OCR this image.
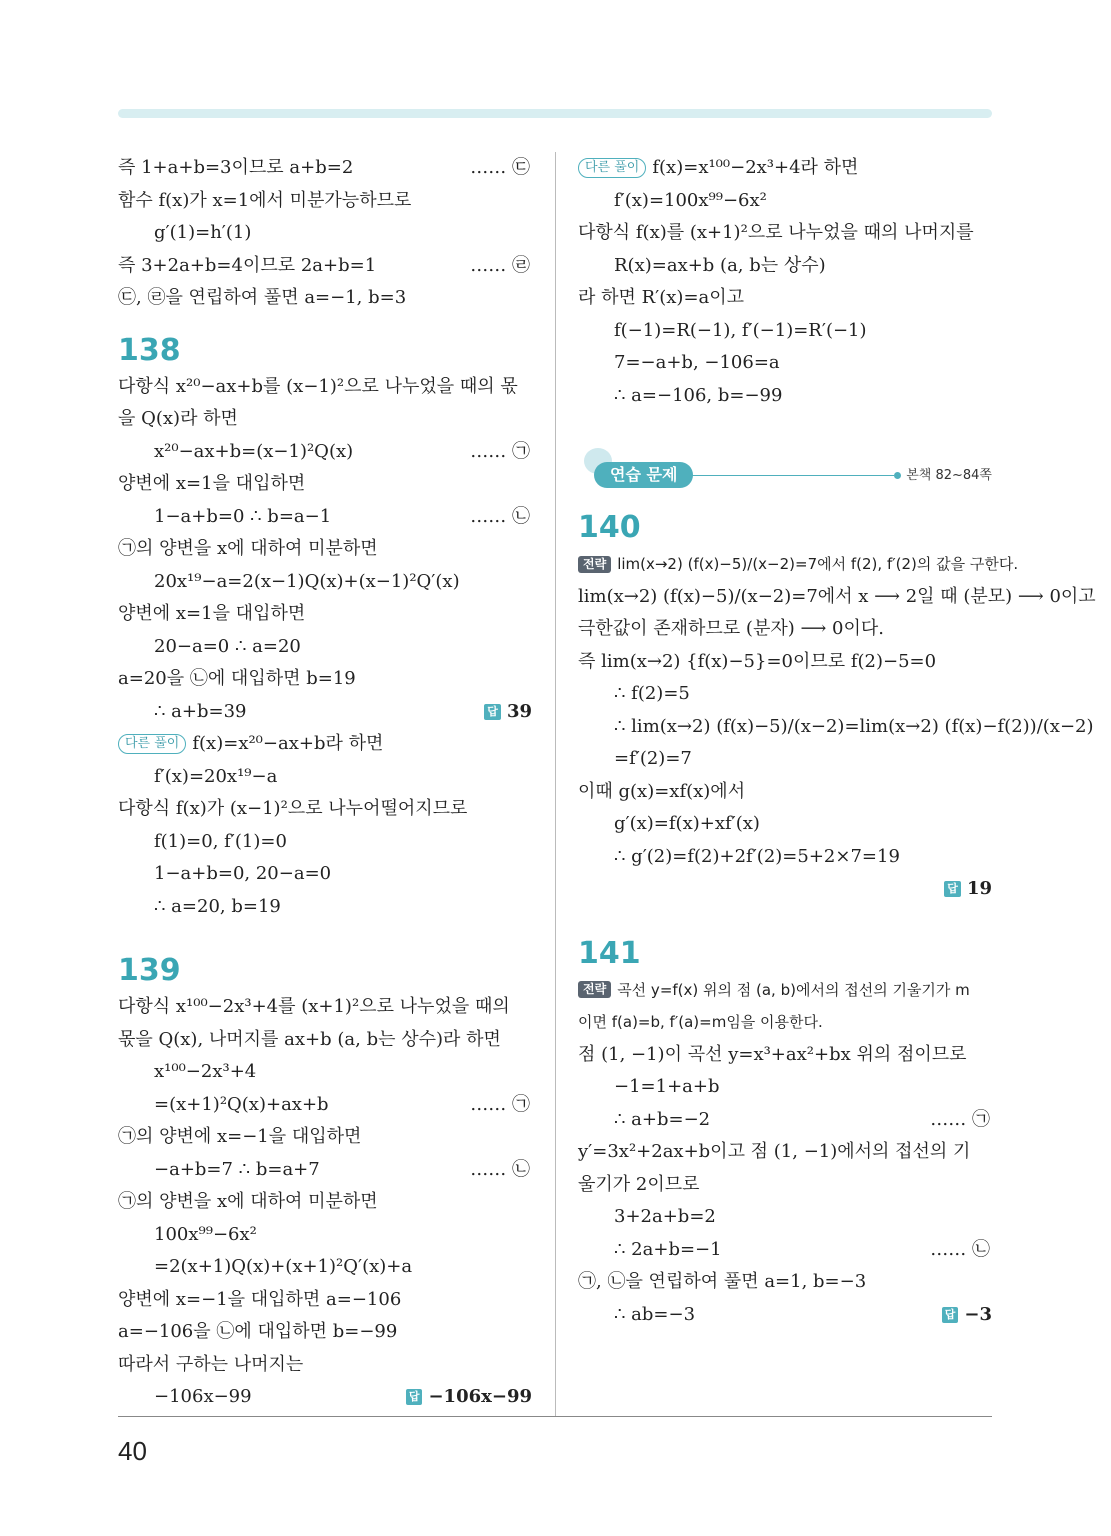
즉 1+a+b=3이므로 a+b=2	…… ㉢
함수 f(x)가 x=1에서 미분가능하므로
g′(1)=h′(1)
즉 3+2a+b=4이므로 2a+b=1	…… ㉣
㉢, ㉣을 연립하여 풀면 a=−1, b=3
138
다항식 x²⁰−ax+b를 (x−1)²으로 나누었을 때의 몫
을 Q(x)라 하면
x²⁰−ax+b=(x−1)²Q(x)	…… ㉠
양변에 x=1을 대입하면
1−a+b=0 ∴ b=a−1	…… ㉡
㉠의 양변을 x에 대하여 미분하면
20x¹⁹−a=2(x−1)Q(x)+(x−1)²Q′(x)
양변에 x=1을 대입하면
20−a=0 ∴ a=20
a=20을 ㉡에 대입하면 b=19
∴ a+b=39	답 39
다른 풀이 f(x)=x²⁰−ax+b라 하면
f′(x)=20x¹⁹−a
다항식 f(x)가 (x−1)²으로 나누어떨어지므로
f(1)=0, f′(1)=0
1−a+b=0, 20−a=0
∴ a=20, b=19
139
다항식 x¹⁰⁰−2x³+4를 (x+1)²으로 나누었을 때의
몫을 Q(x), 나머지를 ax+b (a, b는 상수)라 하면
x¹⁰⁰−2x³+4
=(x+1)²Q(x)+ax+b	…… ㉠
㉠의 양변에 x=−1을 대입하면
−a+b=7 ∴ b=a+7	…… ㉡
㉠의 양변을 x에 대하여 미분하면
100x⁹⁹−6x²
=2(x+1)Q(x)+(x+1)²Q′(x)+a
양변에 x=−1을 대입하면 a=−106
a=−106을 ㉡에 대입하면 b=−99
따라서 구하는 나머지는
−106x−99	답 −106x−99
다른 풀이 f(x)=x¹⁰⁰−2x³+4라 하면
f′(x)=100x⁹⁹−6x²
다항식 f(x)를 (x+1)²으로 나누었을 때의 나머지를
R(x)=ax+b (a, b는 상수)
라 하면 R′(x)=a이고
f(−1)=R(−1), f′(−1)=R′(−1)
7=−a+b, −106=a
∴ a=−106, b=−99
연습 문제	본책 82~84쪽
140
전략 lim(x→2) (f(x)−5)/(x−2)=7에서 f(2), f′(2)의 값을 구한다.
lim(x→2) (f(x)−5)/(x−2)=7에서 x ⟶ 2일 때 (분모) ⟶ 0이고
극한값이 존재하므로 (분자) ⟶ 0이다.
즉 lim(x→2) {f(x)−5}=0이므로 f(2)−5=0
∴ f(2)=5
∴ lim(x→2) (f(x)−5)/(x−2)=lim(x→2) (f(x)−f(2))/(x−2)
=f′(2)=7
이때 g(x)=xf(x)에서
g′(x)=f(x)+xf′(x)
∴ g′(2)=f(2)+2f′(2)=5+2×7=19
답 19
141
전략 곡선 y=f(x) 위의 점 (a, b)에서의 접선의 기울기가 m
이면 f(a)=b, f′(a)=m임을 이용한다.
점 (1, −1)이 곡선 y=x³+ax²+bx 위의 점이므로
−1=1+a+b
∴ a+b=−2	…… ㉠
y′=3x²+2ax+b이고 점 (1, −1)에서의 접선의 기
울기가 2이므로
3+2a+b=2
∴ 2a+b=−1	…… ㉡
㉠, ㉡을 연립하여 풀면 a=1, b=−3
∴ ab=−3	답 −3
40
